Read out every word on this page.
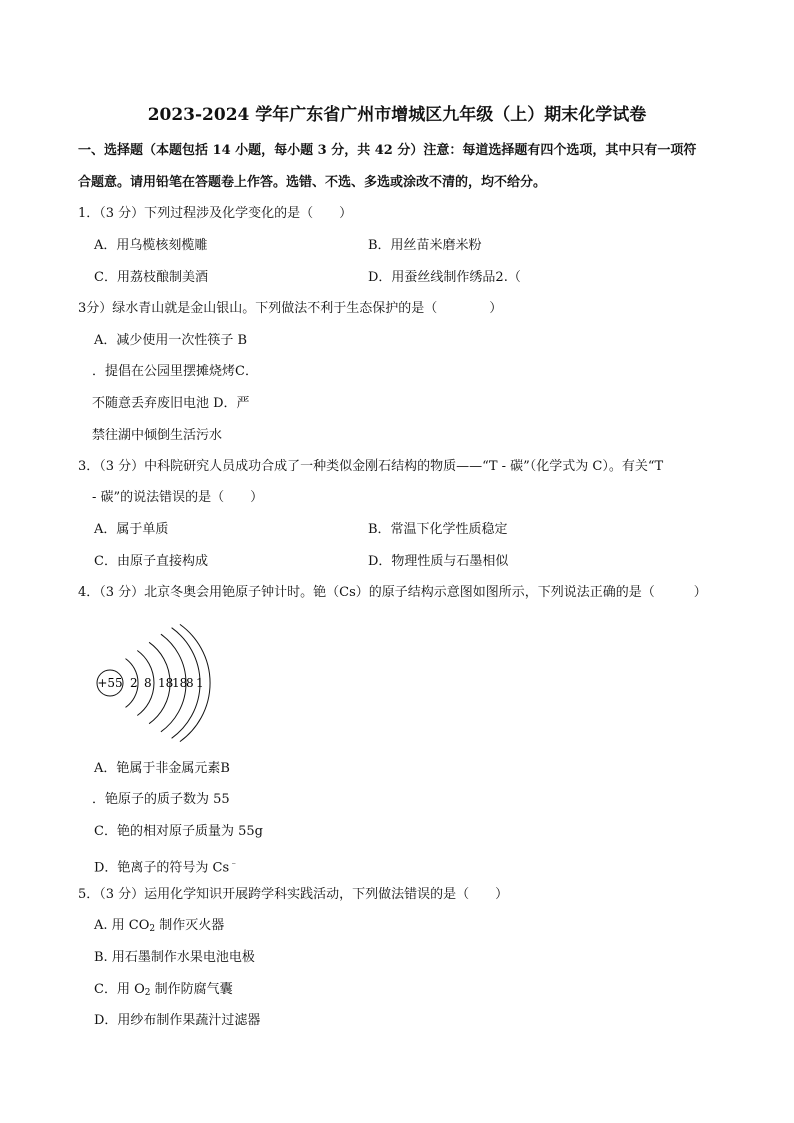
2023-2024 学年广东省广州市增城区九年级（上）期末化学试卷
一、选择题（本题包括 14 小题，每小题 3 分，共 42 分）注意：每道选择题有四个选项，其中只有一项符
合题意。请用铅笔在答题卷上作答。选错、不选、多选或涂改不清的，均不给分。
1．（3 分）下列过程涉及化学变化的是（　　）
A．用乌榄核刻榄雕	B．用丝苗米磨米粉
C．用荔枝酿制美酒	D．用蚕丝线制作绣品2.（
3分）绿水青山就是金山银山。下列做法不利于生态保护的是（　　　　）
A．减少使用一次性筷子 B
．提倡在公园里摆摊烧烤C．
不随意丢弃废旧电池 D．严
禁往湖中倾倒生活污水
3．（3 分）中科院研究人员成功合成了一种类似金刚石结构的物质——“T - 碳”（化学式为 C）。有关“T
- 碳”的说法错误的是（　　）
A．属于单质	B．常温下化学性质稳定
C．由原子直接构成	D．物理性质与石墨相似
4．（3 分）北京冬奥会用铯原子钟计时。铯（Cs）的原子结构示意图如图所示，下列说法正确的是（　　　）
+55 2 8 18
18
8 1
A．铯属于非金属元素B
．铯原子的质子数为 55
C．铯的相对原子质量为 55g
D．铯离子的符号为 Cs﹣
5．（3 分）运用化学知识开展跨学科实践活动，下列做法错误的是（　　）
A. 用 $CO_2$ 制作灭火器
B. 用石墨制作水果电池电极
C．用 $O_2$ 制作防腐气囊
D．用纱布制作果蔬汁过滤器
